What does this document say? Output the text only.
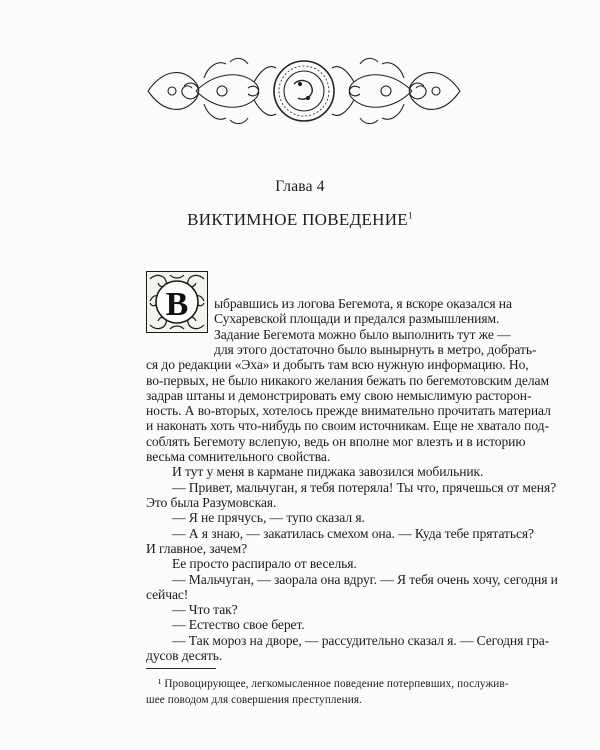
Глава 4
ВИКТИМНОЕ ПОВЕДЕНИЕ$^1$
В ыбравшись из логова Бегемота, я вскоре оказался на
Сухаревской площади и предался размышлениям.
Задание Бегемота можно было выполнить тут же —
для этого достаточно было вынырнуть в метро, добрать-
ся до редакции «Эха» и добыть там всю нужную информацию. Но,
во-первых, не было никакого желания бежать по бегемотовским делам
задрав штаны и демонстрировать ему свою немыслимую расторон-
ность. А во-вторых, хотелось прежде внимательно прочитать материал
и наконать хоть что-нибудь по своим источникам. Еще не хватало под-
соблять Бегемоту вслепую, ведь он вполне мог влезть и в историю
весьма сомнительного свойства.
И тут у меня в кармане пиджака завозился мобильник.
— Привет, мальчуган, я тебя потеряла! Ты что, прячешься от меня?
Это была Разумовская.
— Я не прячусь, — тупо сказал я.
— А я знаю, — закатилась смехом она. — Куда тебе прятаться?
И главное, зачем?
Ее просто распирало от веселья.
— Мальчуган, — заорала она вдруг. — Я тебя очень хочу, сегодня и
сейчас!
— Что так?
— Естество свое берет.
— Так мороз на дворе, — рассудительно сказал я. — Сегодня гра-
дусов десять.
¹ Провоцирующее, легкомысленное поведение потерпевших, послужив-
шее поводом для совершения преступления.
